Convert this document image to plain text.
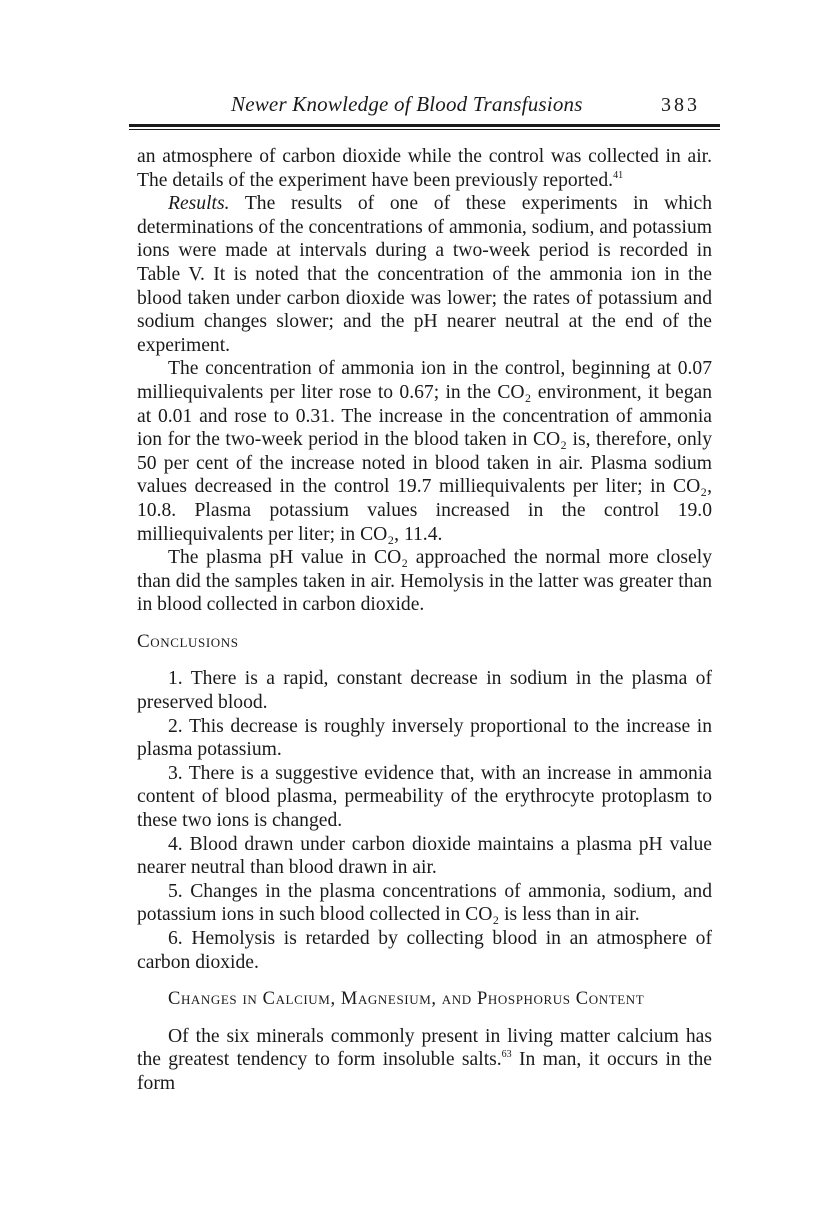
Newer Knowledge of Blood Transfusions	383

an atmosphere of carbon dioxide while the control was collected in air. The details of the experiment have been previously reported.$^{41}$

Results. The results of one of these experiments in which determinations of the concentrations of ammonia, sodium, and potassium ions were made at intervals during a two-week period is recorded in Table V. It is noted that the concentration of the ammonia ion in the blood taken under carbon dioxide was lower; the rates of potassium and sodium changes slower; and the pH nearer neutral at the end of the experiment.

The concentration of ammonia ion in the control, beginning at 0.07 milliequivalents per liter rose to 0.67; in the CO₂ environment, it began at 0.01 and rose to 0.31. The increase in the concentration of ammonia ion for the two-week period in the blood taken in CO₂ is, therefore, only 50 per cent of the increase noted in blood taken in air. Plasma sodium values decreased in the control 19.7 milliequivalents per liter; in CO₂, 10.8. Plasma potassium values increased in the control 19.0 milliequivalents per liter; in CO₂, 11.4.

The plasma pH value in CO₂ approached the normal more closely than did the samples taken in air. Hemolysis in the latter was greater than in blood collected in carbon dioxide.

Conclusions

1. There is a rapid, constant decrease in sodium in the plasma of preserved blood.

2. This decrease is roughly inversely proportional to the increase in plasma potassium.

3. There is a suggestive evidence that, with an increase in ammonia content of blood plasma, permeability of the erythrocyte protoplasm to these two ions is changed.

4. Blood drawn under carbon dioxide maintains a plasma pH value nearer neutral than blood drawn in air.

5. Changes in the plasma concentrations of ammonia, sodium, and potassium ions in such blood collected in CO₂ is less than in air.

6. Hemolysis is retarded by collecting blood in an atmosphere of carbon dioxide.

Changes in Calcium, Magnesium, and Phosphorus Content

Of the six minerals commonly present in living matter calcium has the greatest tendency to form insoluble salts.$^{63}$ In man, it occurs in the form
